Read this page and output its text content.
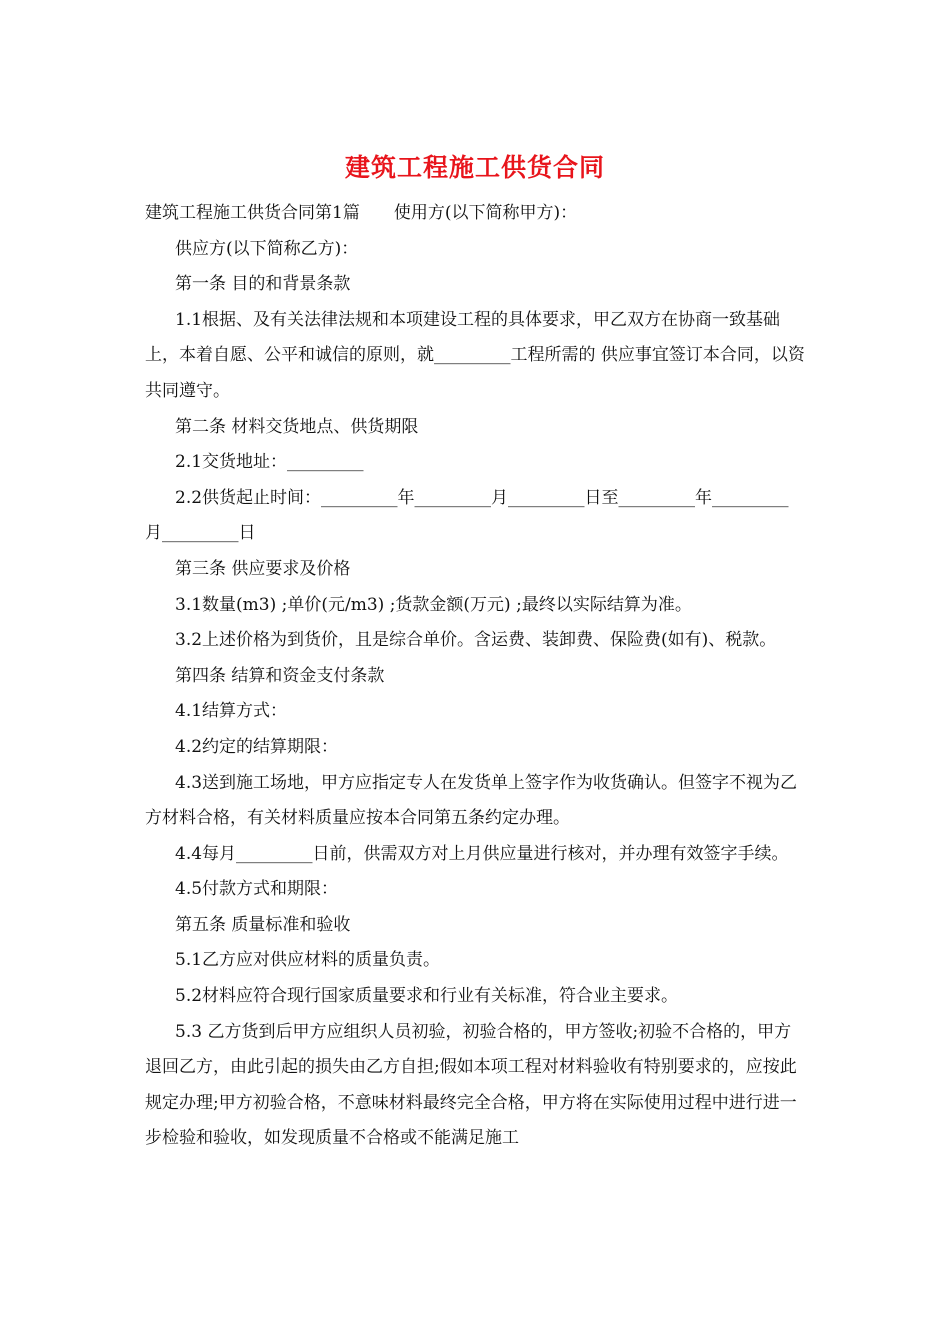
建筑工程施工供货合同

建筑工程施工供货合同第1篇　　使用方(以下简称甲方)：

供应方(以下简称乙方)：

第一条 目的和背景条款

1.1根据、及有关法律法规和本项建设工程的具体要求，甲乙双方在协商一致基础上，本着自愿、公平和诚信的原则，就_________工程所需的 供应事宜签订本合同，以资共同遵守。

第二条 材料交货地点、供货期限

2.1交货地址：_________

2.2供货起止时间：_________年_________月_________日至_________年_________月_________日

第三条 供应要求及价格

3.1数量(m3) ;单价(元/m3) ;货款金额(万元) ;最终以实际结算为准。

3.2上述价格为到货价，且是综合单价。含运费、装卸费、保险费(如有)、税款。

第四条 结算和资金支付条款

4.1结算方式：

4.2约定的结算期限：

4.3送到施工场地，甲方应指定专人在发货单上签字作为收货确认。但签字不视为乙方材料合格，有关材料质量应按本合同第五条约定办理。

4.4每月_________日前，供需双方对上月供应量进行核对，并办理有效签字手续。

4.5付款方式和期限：

第五条 质量标准和验收

5.1乙方应对供应材料的质量负责。

5.2材料应符合现行国家质量要求和行业有关标准，符合业主要求。

5.3 乙方货到后甲方应组织人员初验，初验合格的，甲方签收;初验不合格的，甲方退回乙方，由此引起的损失由乙方自担;假如本项工程对材料验收有特别要求的，应按此规定办理;甲方初验合格，不意味材料最终完全合格，甲方将在实际使用过程中进行进一步检验和验收，如发现质量不合格或不能满足施工
